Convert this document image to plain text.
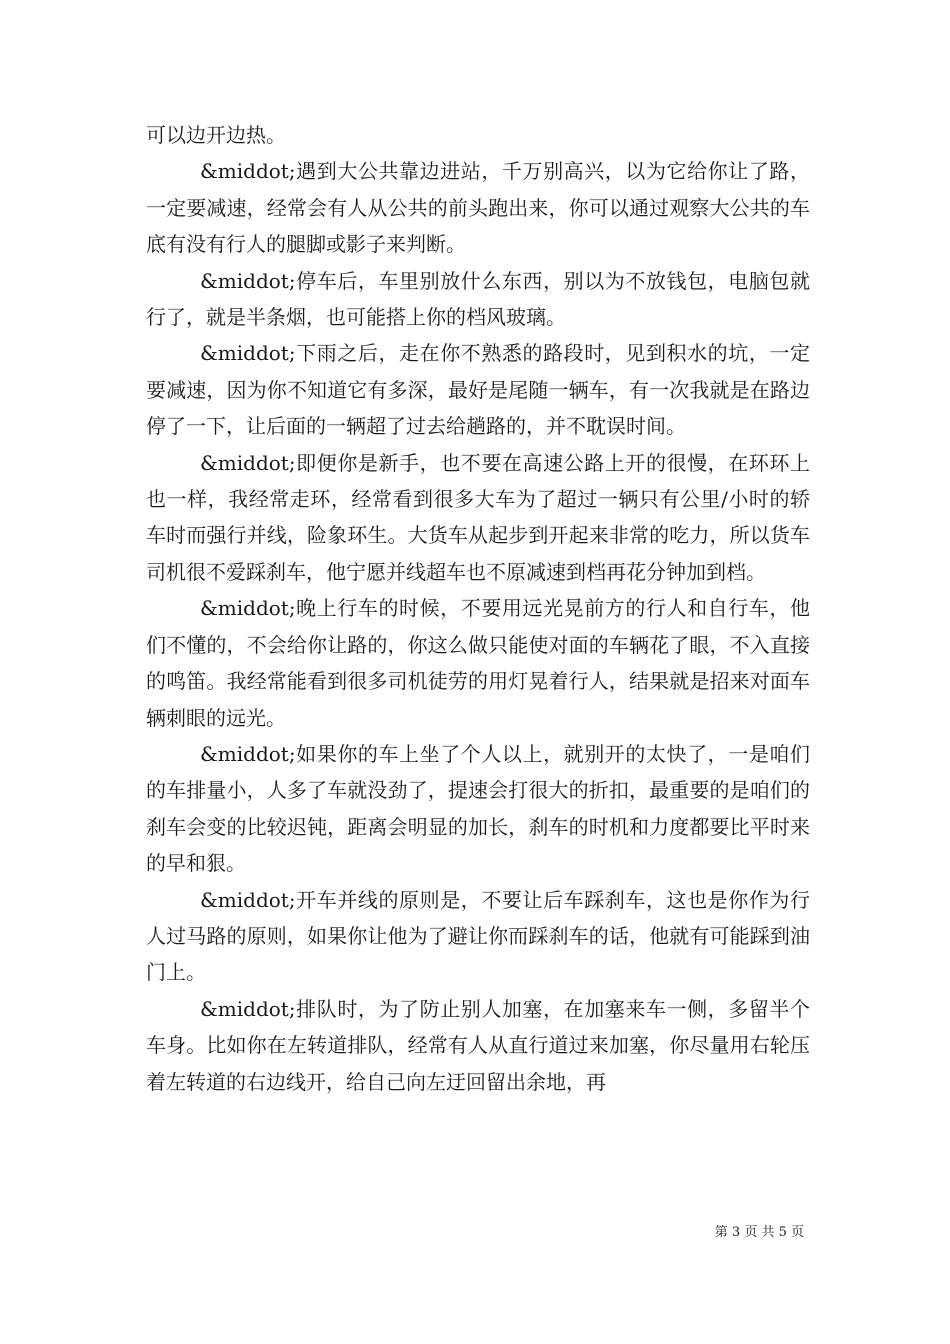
可以边开边热。

&middot;遇到大公共靠边进站，千万别高兴，以为它给你让了路，一定要减速，经常会有人从公共的前头跑出来，你可以通过观察大公共的车底有没有行人的腿脚或影子来判断。

&middot;停车后，车里别放什么东西，别以为不放钱包，电脑包就行了，就是半条烟，也可能搭上你的档风玻璃。

&middot;下雨之后，走在你不熟悉的路段时，见到积水的坑，一定要减速，因为你不知道它有多深，最好是尾随一辆车，有一次我就是在路边停了一下，让后面的一辆超了过去给趟路的，并不耽误时间。

&middot;即便你是新手，也不要在高速公路上开的很慢，在环环上也一样，我经常走环，经常看到很多大车为了超过一辆只有公里/小时的轿车时而强行并线，险象环生。大货车从起步到开起来非常的吃力，所以货车司机很不爱踩刹车，他宁愿并线超车也不原减速到档再花分钟加到档。

&middot;晚上行车的时候，不要用远光晃前方的行人和自行车，他们不懂的，不会给你让路的，你这么做只能使对面的车辆花了眼，不入直接的鸣笛。我经常能看到很多司机徒劳的用灯晃着行人，结果就是招来对面车辆刺眼的远光。

&middot;如果你的车上坐了个人以上，就别开的太快了，一是咱们的车排量小，人多了车就没劲了，提速会打很大的折扣，最重要的是咱们的刹车会变的比较迟钝，距离会明显的加长，刹车的时机和力度都要比平时来的早和狠。

&middot;开车并线的原则是，不要让后车踩刹车，这也是你作为行人过马路的原则，如果你让他为了避让你而踩刹车的话，他就有可能踩到油门上。

&middot;排队时，为了防止别人加塞，在加塞来车一侧，多留半个车身。比如你在左转道排队，经常有人从直行道过来加塞，你尽量用右轮压着左转道的右边线开，给自己向左迂回留出余地，再

第 3 页 共 5 页
